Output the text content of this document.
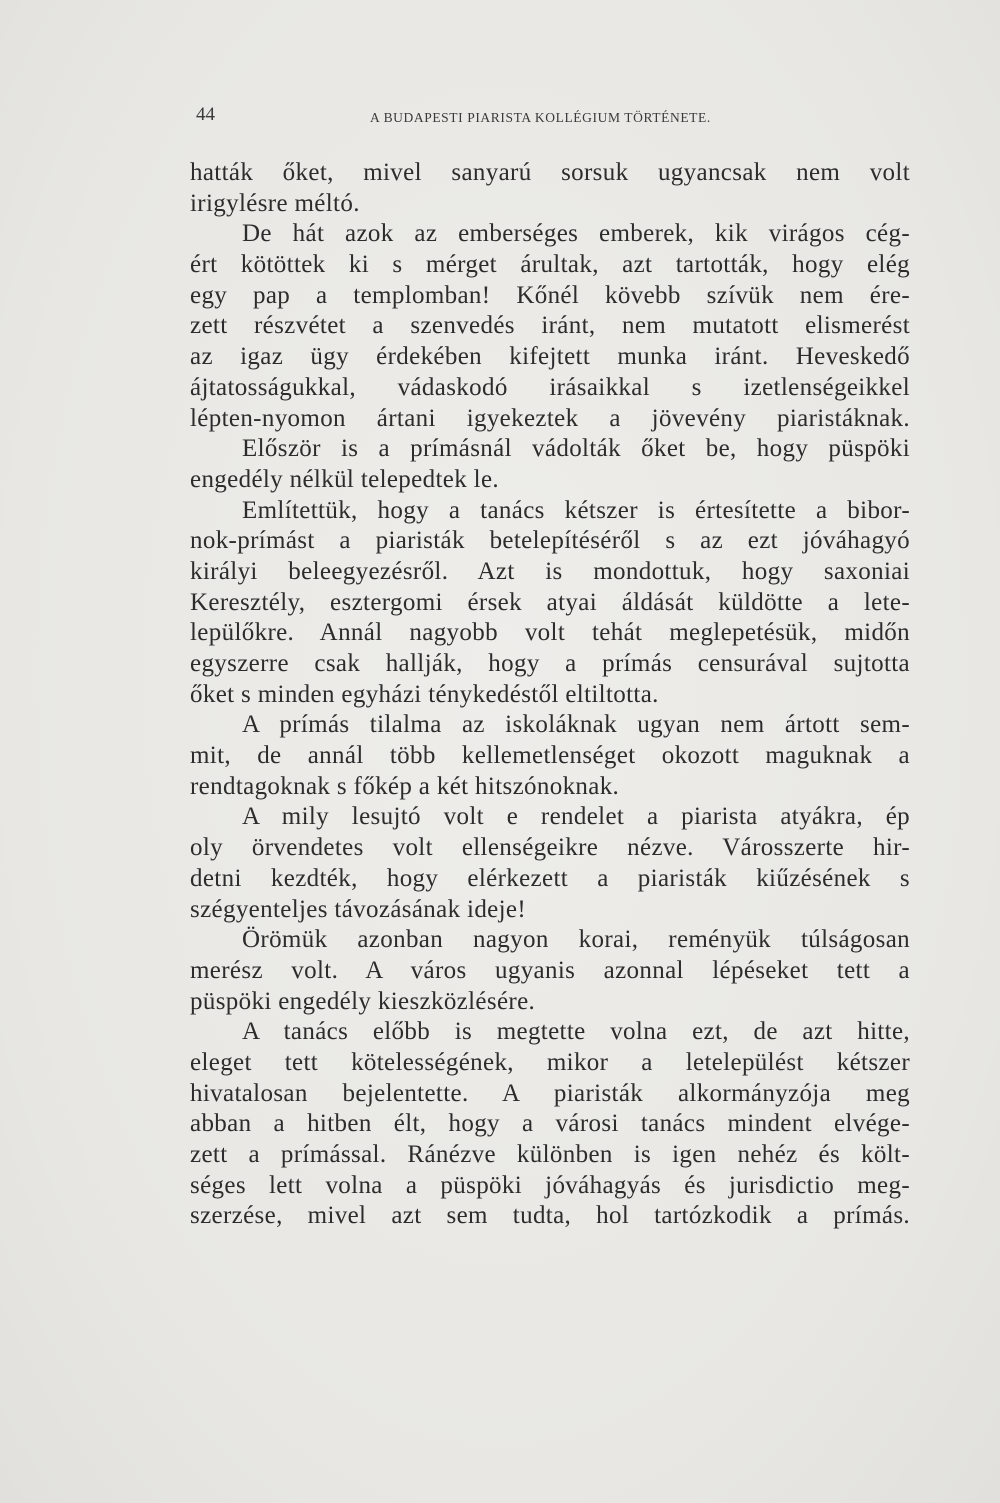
44	A BUDAPESTI PIARISTA KOLLÉGIUM TÖRTÉNETE.
hatták őket, mivel sanyarú sorsuk ugyancsak nem volt
irigylésre méltó.
De hát azok az emberséges emberek, kik virágos cég-
ért kötöttek ki s mérget árultak, azt tartották, hogy elég
egy pap a templomban! Kőnél kövebb szívük nem ére-
zett részvétet a szenvedés iránt, nem mutatott elismerést
az igaz ügy érdekében kifejtett munka iránt. Heveskedő
ájtatosságukkal, vádaskodó irásaikkal s izetlenségeikkel
lépten-nyomon ártani igyekeztek a jövevény piaristáknak.
Először is a prímásnál vádolták őket be, hogy püspöki
engedély nélkül telepedtek le.
Említettük, hogy a tanács kétszer is értesítette a bibor-
nok-prímást a piaristák betelepítéséről s az ezt jóváhagyó
királyi beleegyezésről. Azt is mondottuk, hogy saxoniai
Keresztély, esztergomi érsek atyai áldását küldötte a lete-
lepülőkre. Annál nagyobb volt tehát meglepetésük, midőn
egyszerre csak hallják, hogy a prímás censurával sujtotta
őket s minden egyházi ténykedéstől eltiltotta.
A prímás tilalma az iskoláknak ugyan nem ártott sem-
mit, de annál több kellemetlenséget okozott maguknak a
rendtagoknak s főkép a két hitszónoknak.
A mily lesujtó volt e rendelet a piarista atyákra, ép
oly örvendetes volt ellenségeikre nézve. Városszerte hir-
detni kezdték, hogy elérkezett a piaristák kiűzésének s
szégyenteljes távozásának ideje!
Örömük azonban nagyon korai, reményük túlságosan
merész volt. A város ugyanis azonnal lépéseket tett a
püspöki engedély kieszközlésére.
A tanács előbb is megtette volna ezt, de azt hitte,
eleget tett kötelességének, mikor a letelepülést kétszer
hivatalosan bejelentette. A piaristák alkormányzója meg
abban a hitben élt, hogy a városi tanács mindent elvége-
zett a prímással. Ránézve különben is igen nehéz és költ-
séges lett volna a püspöki jóváhagyás és jurisdictio meg-
szerzése, mivel azt sem tudta, hol tartózkodik a prímás.
